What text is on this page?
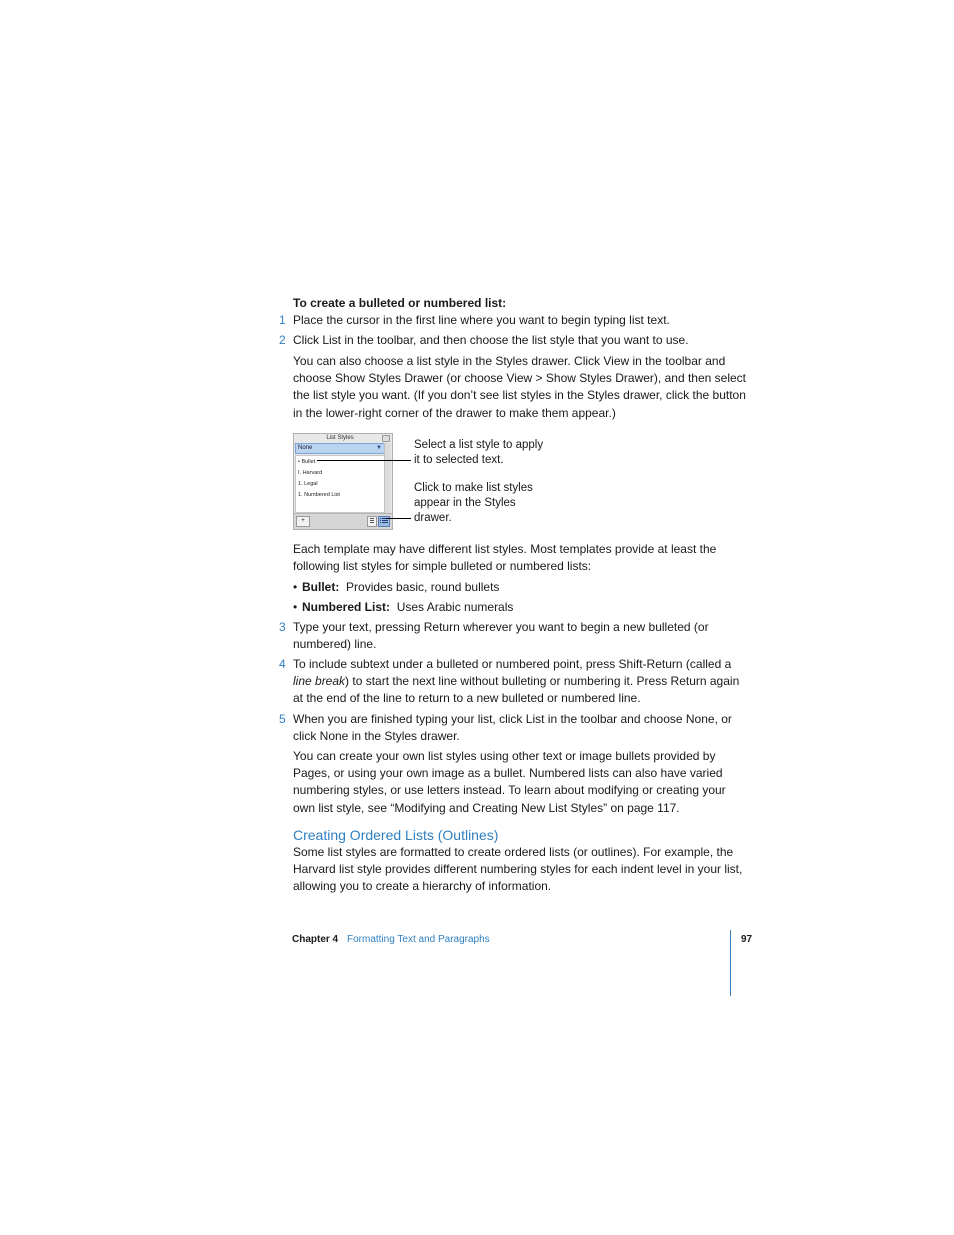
To create a bulleted or numbered list:
1 Place the cursor in the first line where you want to begin typing list text.
2 Click List in the toolbar, and then choose the list style that you want to use.
You can also choose a list style in the Styles drawer. Click View in the toolbar and
choose Show Styles Drawer (or choose View > Show Styles Drawer), and then select
the list style you want. (If you don’t see list styles in the Styles drawer, click the button
in the lower-right corner of the drawer to make them appear.)
List Styles
None	▼
• Bullet
I. Harvard
1. Legal
1. Numbered List
+
Select a list style to apply
it to selected text.
Click to make list styles
appear in the Styles
drawer.
Each template may have different list styles. Most templates provide at least the
following list styles for simple bulleted or numbered lists:
• Bullet: Provides basic, round bullets
• Numbered List: Uses Arabic numerals
3 Type your text, pressing Return wherever you want to begin a new bulleted (or
numbered) line.
4 To include subtext under a bulleted or numbered point, press Shift-Return (called a
line break) to start the next line without bulleting or numbering it. Press Return again
at the end of the line to return to a new bulleted or numbered line.
5 When you are finished typing your list, click List in the toolbar and choose None, or
click None in the Styles drawer.
You can create your own list styles using other text or image bullets provided by
Pages, or using your own image as a bullet. Numbered lists can also have varied
numbering styles, or use letters instead. To learn about modifying or creating your
own list style, see “Modifying and Creating New List Styles” on page 117.
Creating Ordered Lists (Outlines)
Some list styles are formatted to create ordered lists (or outlines). For example, the
Harvard list style provides different numbering styles for each indent level in your list,
allowing you to create a hierarchy of information.
Chapter 4 Formatting Text and Paragraphs	97
